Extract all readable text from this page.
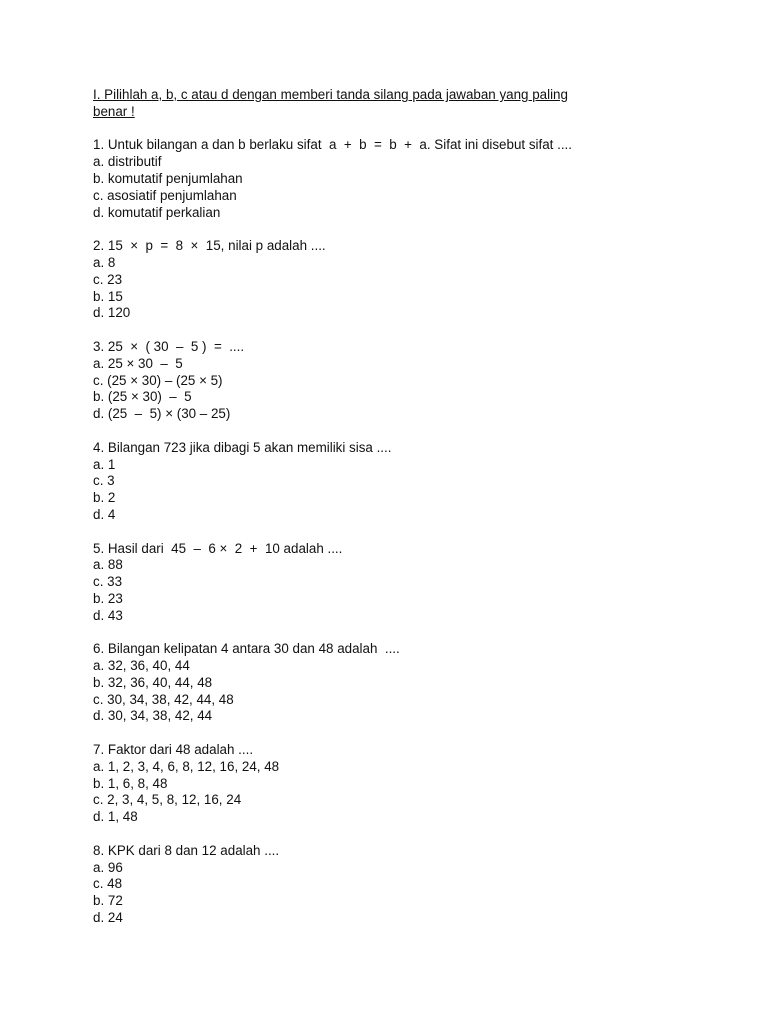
I. Pilihlah a, b, c atau d dengan memberi tanda silang pada jawaban yang paling
benar !
1. Untuk bilangan a dan b berlaku sifat  a  +  b  =  b  +  a. Sifat ini disebut sifat ....
a. distributif
b. komutatif penjumlahan
c. asosiatif penjumlahan
d. komutatif perkalian
2. 15  ×  p  =  8  ×  15, nilai p adalah ....
a. 8
c. 23
b. 15
d. 120
3. 25  ×  ( 30  –  5 )  =  ....
a. 25 × 30  –  5
c. (25 × 30) – (25 × 5)
b. (25 × 30)  –  5
d. (25  –  5) × (30 – 25)
4. Bilangan 723 jika dibagi 5 akan memiliki sisa ....
a. 1
c. 3
b. 2
d. 4
5. Hasil dari  45  –  6 ×  2  +  10 adalah ....
a. 88
c. 33
b. 23
d. 43
6. Bilangan kelipatan 4 antara 30 dan 48 adalah  ....
a. 32, 36, 40, 44
b. 32, 36, 40, 44, 48
c. 30, 34, 38, 42, 44, 48
d. 30, 34, 38, 42, 44
7. Faktor dari 48 adalah ....
a. 1, 2, 3, 4, 6, 8, 12, 16, 24, 48
b. 1, 6, 8, 48
c. 2, 3, 4, 5, 8, 12, 16, 24
d. 1, 48
8. KPK dari 8 dan 12 adalah ....
a. 96
c. 48
b. 72
d. 24
